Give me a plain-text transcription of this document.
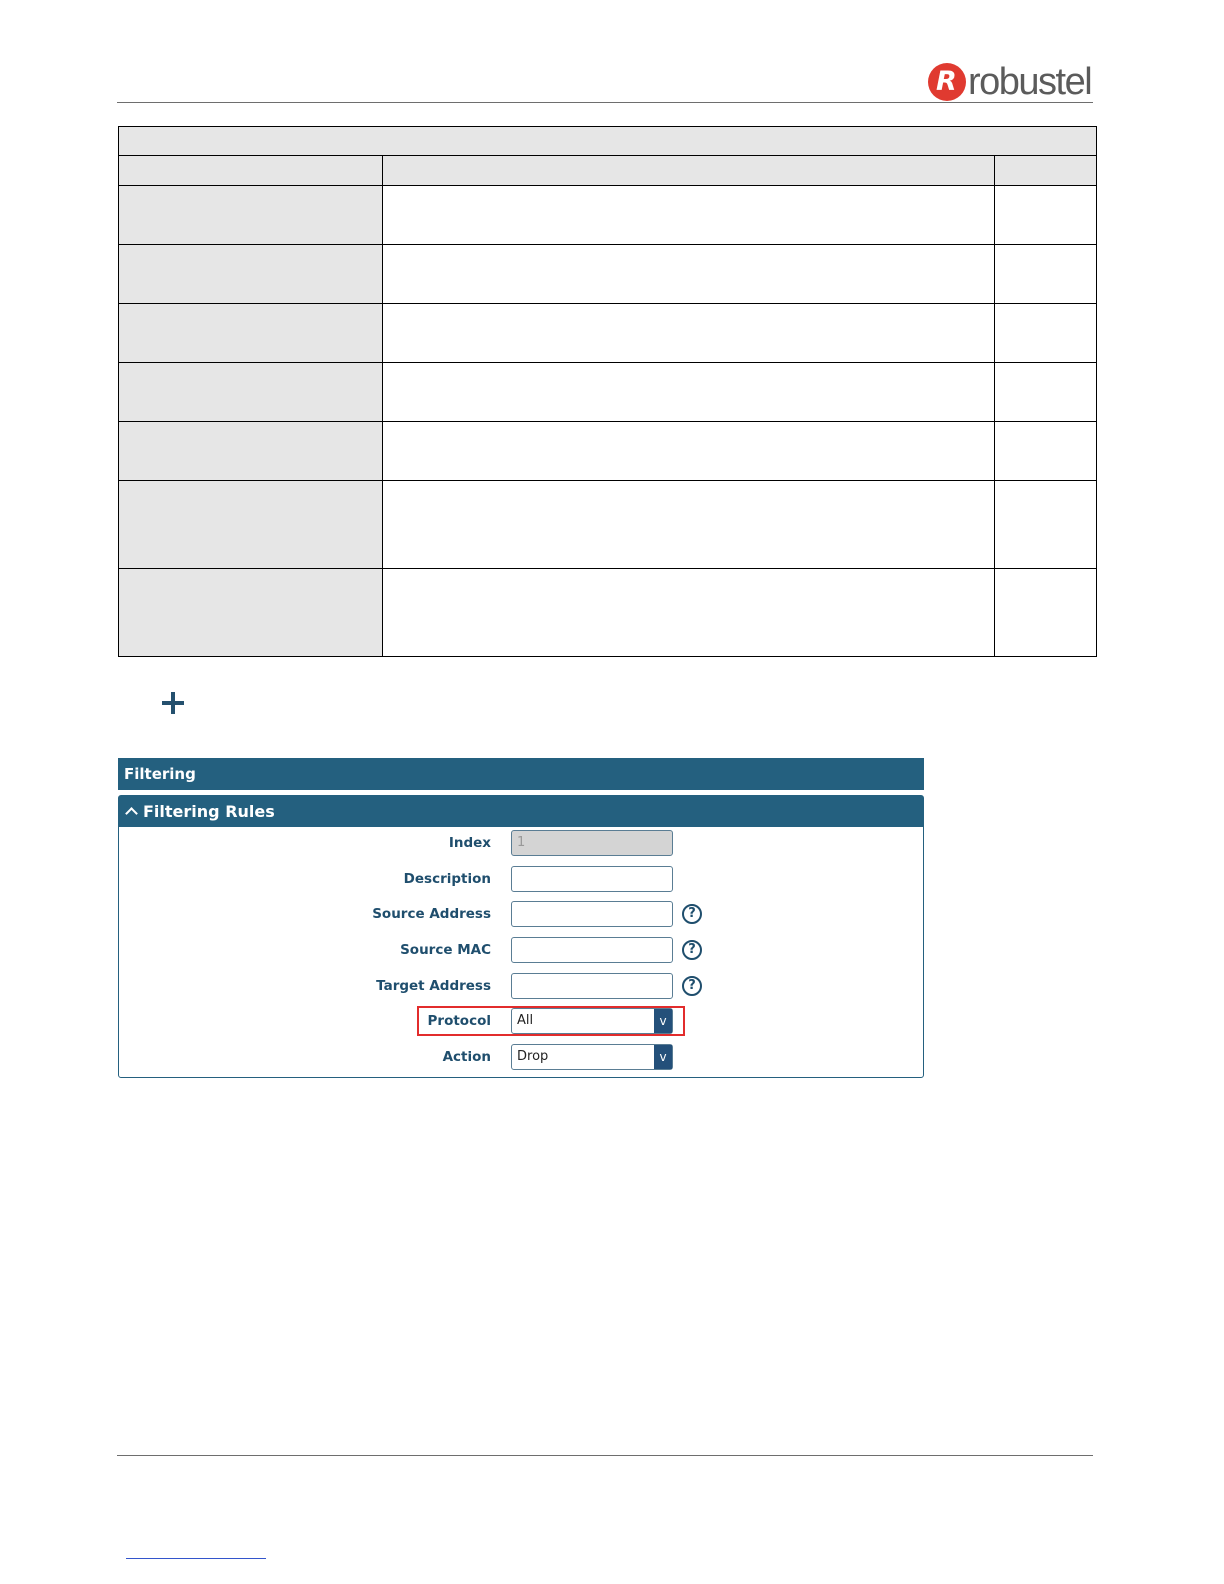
R robustel

Filtering
Filtering Rules
Index	1
Description
Source Address	?
Source MAC	?
Target Address	?
Protocol	All	v
Action	Drop	v
